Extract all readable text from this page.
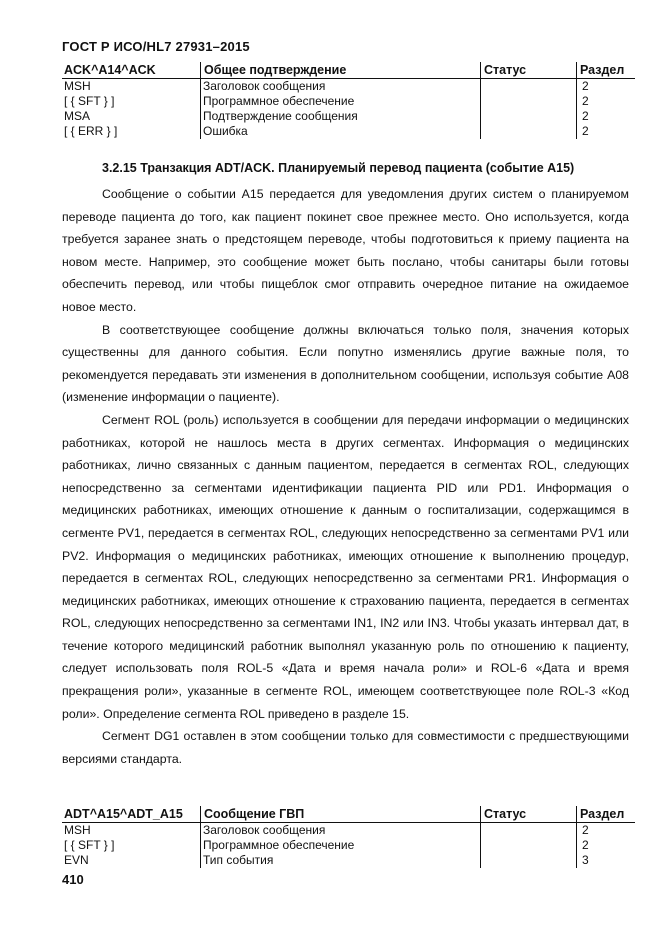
ГОСТ Р ИСО/HL7 27931–2015
ACK^A14^ACK	Общее подтверждение	Статус	Раздел
MSH	Заголовок сообщения		2
[ { SFT } ]	Программное обеспечение		2
MSA	Подтверждение сообщения		2
[ { ERR } ]	Ошибка		2
3.2.15 Транзакция ADT/ACK. Планируемый перевод пациента (событие А15)

Сообщение о событии А15 передается для уведомления других систем о планируемом переводе пациента до того, как пациент покинет свое прежнее место. Оно используется, когда требуется заранее знать о предстоящем переводе, чтобы подготовиться к приему пациента на новом месте. Например, это сообщение может быть послано, чтобы санитары были готовы обеспечить перевод, или чтобы пищеблок смог отправить очередное питание на ожидаемое новое место.

В соответствующее сообщение должны включаться только поля, значения которых существенны для данного события. Если попутно изменялись другие важные поля, то рекомендуется передавать эти изменения в дополнительном сообщении, используя событие А08 (изменение информации о пациенте).

Сегмент ROL (роль) используется в сообщении для передачи информации о медицинских работниках, которой не нашлось места в других сегментах. Информация о медицинских работниках, лично связанных с данным пациентом, передается в сегментах ROL, следующих непосредственно за сегментами идентификации пациента PID или PD1. Информация о медицинских работниках, имеющих отношение к данным о госпитализации, содержащимся в сегменте PV1, передается в сегментах ROL, следующих непосредственно за сегментами PV1 или PV2. Информация о медицинских работниках, имеющих отношение к выполнению процедур, передается в сегментах ROL, следующих непосредственно за сегментами PR1. Информация о медицинских работниках, имеющих отношение к страхованию пациента, передается в сегментах ROL, следующих непосредственно за сегментами IN1, IN2 или IN3. Чтобы указать интервал дат, в течение которого медицинский работник выполнял указанную роль по отношению к пациенту, следует использовать поля ROL-5 «Дата и время начала роли» и ROL-6 «Дата и время прекращения роли», указанные в сегменте ROL, имеющем соответствующее поле ROL-3 «Код роли». Определение сегмента ROL приведено в разделе 15.

Сегмент DG1 оставлен в этом сообщении только для совместимости с предшествующими версиями стандарта.

ADT^A15^ADT_A15	Сообщение ГВП	Статус	Раздел
MSH	Заголовок сообщения		2
[ { SFT } ]	Программное обеспечение		2
EVN	Тип события		3
410
